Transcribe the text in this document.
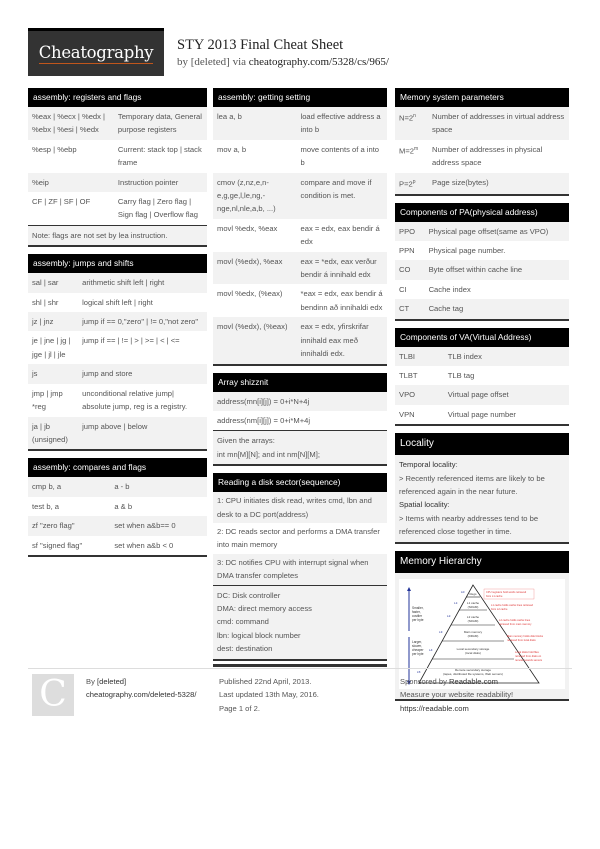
Cheatography STY 2013 Final Cheat Sheet
by [deleted] via cheatography.com/5328/cs/965/
assembly: registers and flags
%eax | %ecx | %edx | %ebx | %esi | %edx	Temporary data, General purpose registers
%esp | %ebp	Current: stack top | stack frame
%eip	Instruction pointer
CF | ZF | SF | OF	Carry flag | Zero flag | Sign flag | Overflow flag
Note: flags are not set by lea instruction.
assembly: jumps and shifts
sal | sar	arithmetic shift left | right
shl | shr	logical shift left | right
jz | jnz	jump if == 0,"zero" | != 0,"not zero"
je | jne | jg | jge | jl | jle	jump if == | != | > | >= | < | <=
js	jump and store
jmp | jmp *reg	unconditional relative jump| absolute jump, reg is a registry.
ja | jb (unsigned)	jump above | below
assembly: compares and flags
cmp b, a	a - b
test b, a	a & b
zf "zero flag"	set when a&b== 0
sf "signed flag"	set when a&b < 0
assembly: getting setting
lea a, b	load effective address a into b
mov a, b	move contents of a into b
cmov (z,nz,e,n-e,g,ge,l,le,ng,-nge,nl,nle,a,b, ...)	compare and move if condition is met.
movl %edx, %eax	eax = edx, eax bendir á edx
movl (%edx), %eax	eax = *edx, eax verður bendir á innihald edx
movl %edx, (%eax)	*eax = edx, eax bendir á bendinn að innihaldi edx
movl (%edx), (%eax)	eax = edx, yfirskrifar innihald eax með innihaldi edx.
Array shizznit
address(mn[i][j]) = 0+i*N+4j
address(nm[i][j]) = 0+i*M+4j
Given the arrays:
int mn[M][N]; and int nm[N][M];
Reading a disk sector(sequence)
1: CPU initiates disk read, writes cmd, lbn and desk to a DC port(address)
2: DC reads sector and performs a DMA transfer into main memory
3: DC notifies CPU with interrupt signal when DMA transfer completes
DC: Disk controller
DMA: direct memory access
cmd: command
lbn: logical block number
dest: destination
Memory system parameters
$N=2^n$	Number of addresses in virtual address space
$M=2^m$	Number of addresses in physical address space
$P=2^p$	Page size(bytes)
Components of PA(physical address)
PPO	Physical page offset(same as VPO)
PPN	Physical page number.
CO	Byte offset within cache line
CI	Cache index
CT	Cache tag
Components of VA(Virtual Address)
TLBI	TLB index
TLBT	TLB tag
VPO	Virtual page offset
VPN	Virtual page number
Locality
Temporal locality:
> Recently referenced items are likely to be referenced again in the near future.
Spatial locality:
> Items with nearby addresses tend to be referenced close together in time.
Memory Hierarchy
Smaller,
faster,
costlier
per byte
Larger,
slower,
cheaper
per byte
Regs
L1 cache
(SRAM)
L2 cache
(SRAM)
Main memory
(DRAM)
Local secondary storage
(local disks)
Remote secondary storage
(tapes, distributed file systems, Web servers)
L0:
L1:
L2:
L3:
L4:
L5:
CPU registers hold words retrieved
from L1 cache
L1 cache holds cache lines retrieved
from L2 cache
L2 cache holds cache lines
retrieved from main memory
Main memory holds disk blocks
retrieved from local disks
Local disks hold files
retrieved from disks on
remote network servers
C	By [deleted]
cheatography.com/deleted-5328/
Published 22nd April, 2013.
Last updated 13th May, 2016.
Page 1 of 2.
Sponsored by Readable.com
Measure your website readability!
https://readable.com
